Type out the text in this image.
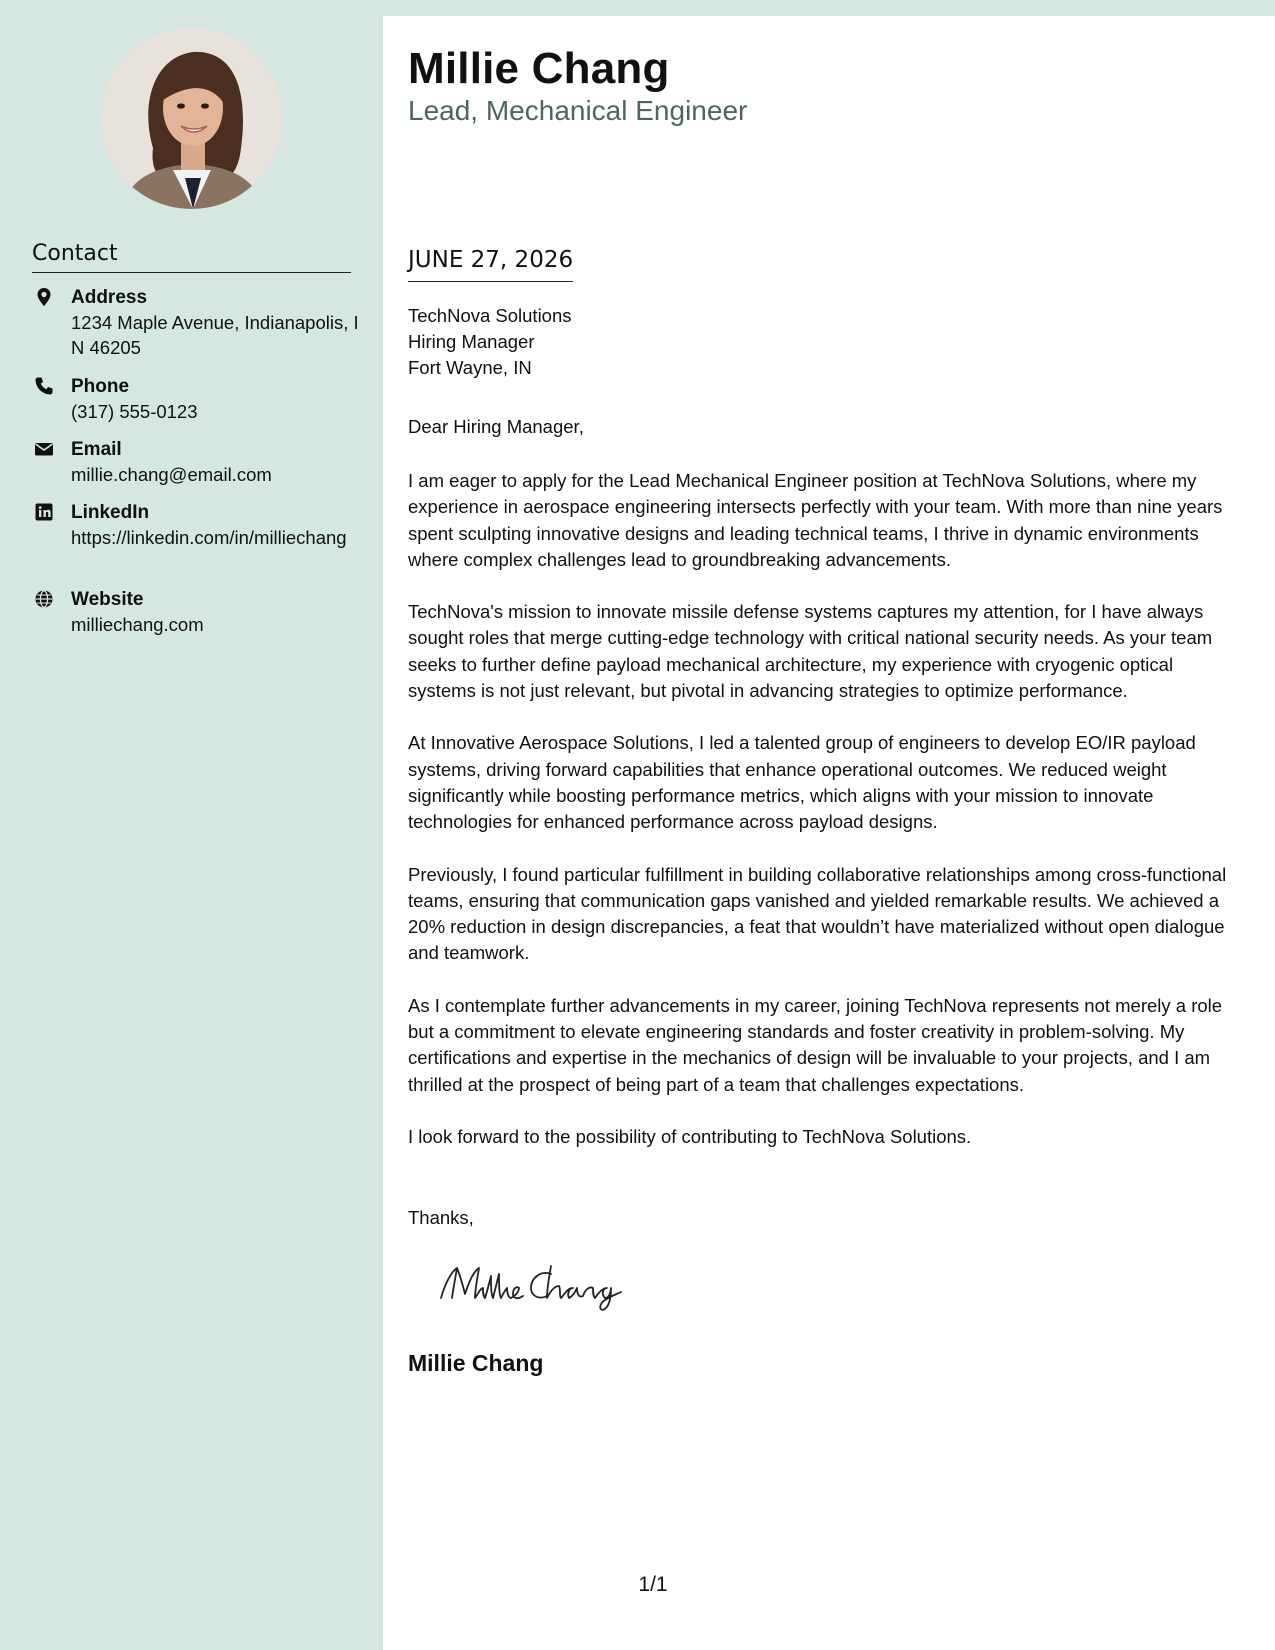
Contact
Address
1234 Maple Avenue, Indianapolis, IN 46205
Phone
(317) 555-0123
Email
millie.chang@email.com
LinkedIn
https://linkedin.com/in/milliechang
Website
milliechang.com
Millie Chang
Lead, Mechanical Engineer
JUNE 27, 2026
TechNova Solutions
Hiring Manager
Fort Wayne, IN
Dear Hiring Manager,

I am eager to apply for the Lead Mechanical Engineer position at TechNova Solutions, where my experience in aerospace engineering intersects perfectly with your team. With more than nine years spent sculpting innovative designs and leading technical teams, I thrive in dynamic environments where complex challenges lead to groundbreaking advancements.

TechNova's mission to innovate missile defense systems captures my attention, for I have always sought roles that merge cutting-edge technology with critical national security needs. As your team seeks to further define payload mechanical architecture, my experience with cryogenic optical systems is not just relevant, but pivotal in advancing strategies to optimize performance.

At Innovative Aerospace Solutions, I led a talented group of engineers to develop EO/IR payload systems, driving forward capabilities that enhance operational outcomes. We reduced weight significantly while boosting performance metrics, which aligns with your mission to innovate technologies for enhanced performance across payload designs.

Previously, I found particular fulfillment in building collaborative relationships among cross-functional teams, ensuring that communication gaps vanished and yielded remarkable results. We achieved a 20% reduction in design discrepancies, a feat that wouldn’t have materialized without open dialogue and teamwork.

As I contemplate further advancements in my career, joining TechNova represents not merely a role but a commitment to elevate engineering standards and foster creativity in problem-solving. My certifications and expertise in the mechanics of design will be invaluable to your projects, and I am thrilled at the prospect of being part of a team that challenges expectations.

I look forward to the possibility of contributing to TechNova Solutions.

Thanks,
Millie Chang
1/1
